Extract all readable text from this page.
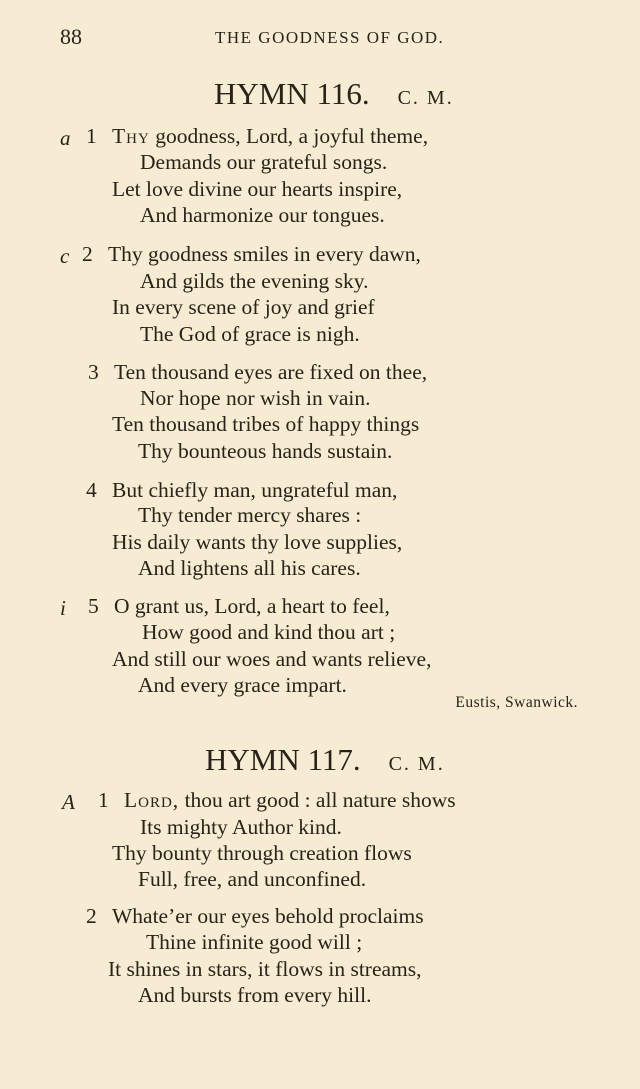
88	THE GOODNESS OF GOD.
HYMN 116. C. M.
a 1 Thy goodness, Lord, a joyful theme,
Demands our grateful songs.
Let love divine our hearts inspire,
And harmonize our tongues.
c 2 Thy goodness smiles in every dawn,
And gilds the evening sky.
In every scene of joy and grief
The God of grace is nigh.
3 Ten thousand eyes are fixed on thee,
Nor hope nor wish in vain.
Ten thousand tribes of happy things
Thy bounteous hands sustain.
4 But chiefly man, ungrateful man,
Thy tender mercy shares :
His daily wants thy love supplies,
And lightens all his cares.
i 5 O grant us, Lord, a heart to feel,
How good and kind thou art ;
And still our woes and wants relieve,
And every grace impart.
Eustis, Swanwick.
HYMN 117. C. M.
A 1 Lord, thou art good : all nature shows
Its mighty Author kind.
Thy bounty through creation flows
Full, free, and unconfined.
2 Whate’er our eyes behold proclaims
Thine infinite good will ;
It shines in stars, it flows in streams,
And bursts from every hill.
